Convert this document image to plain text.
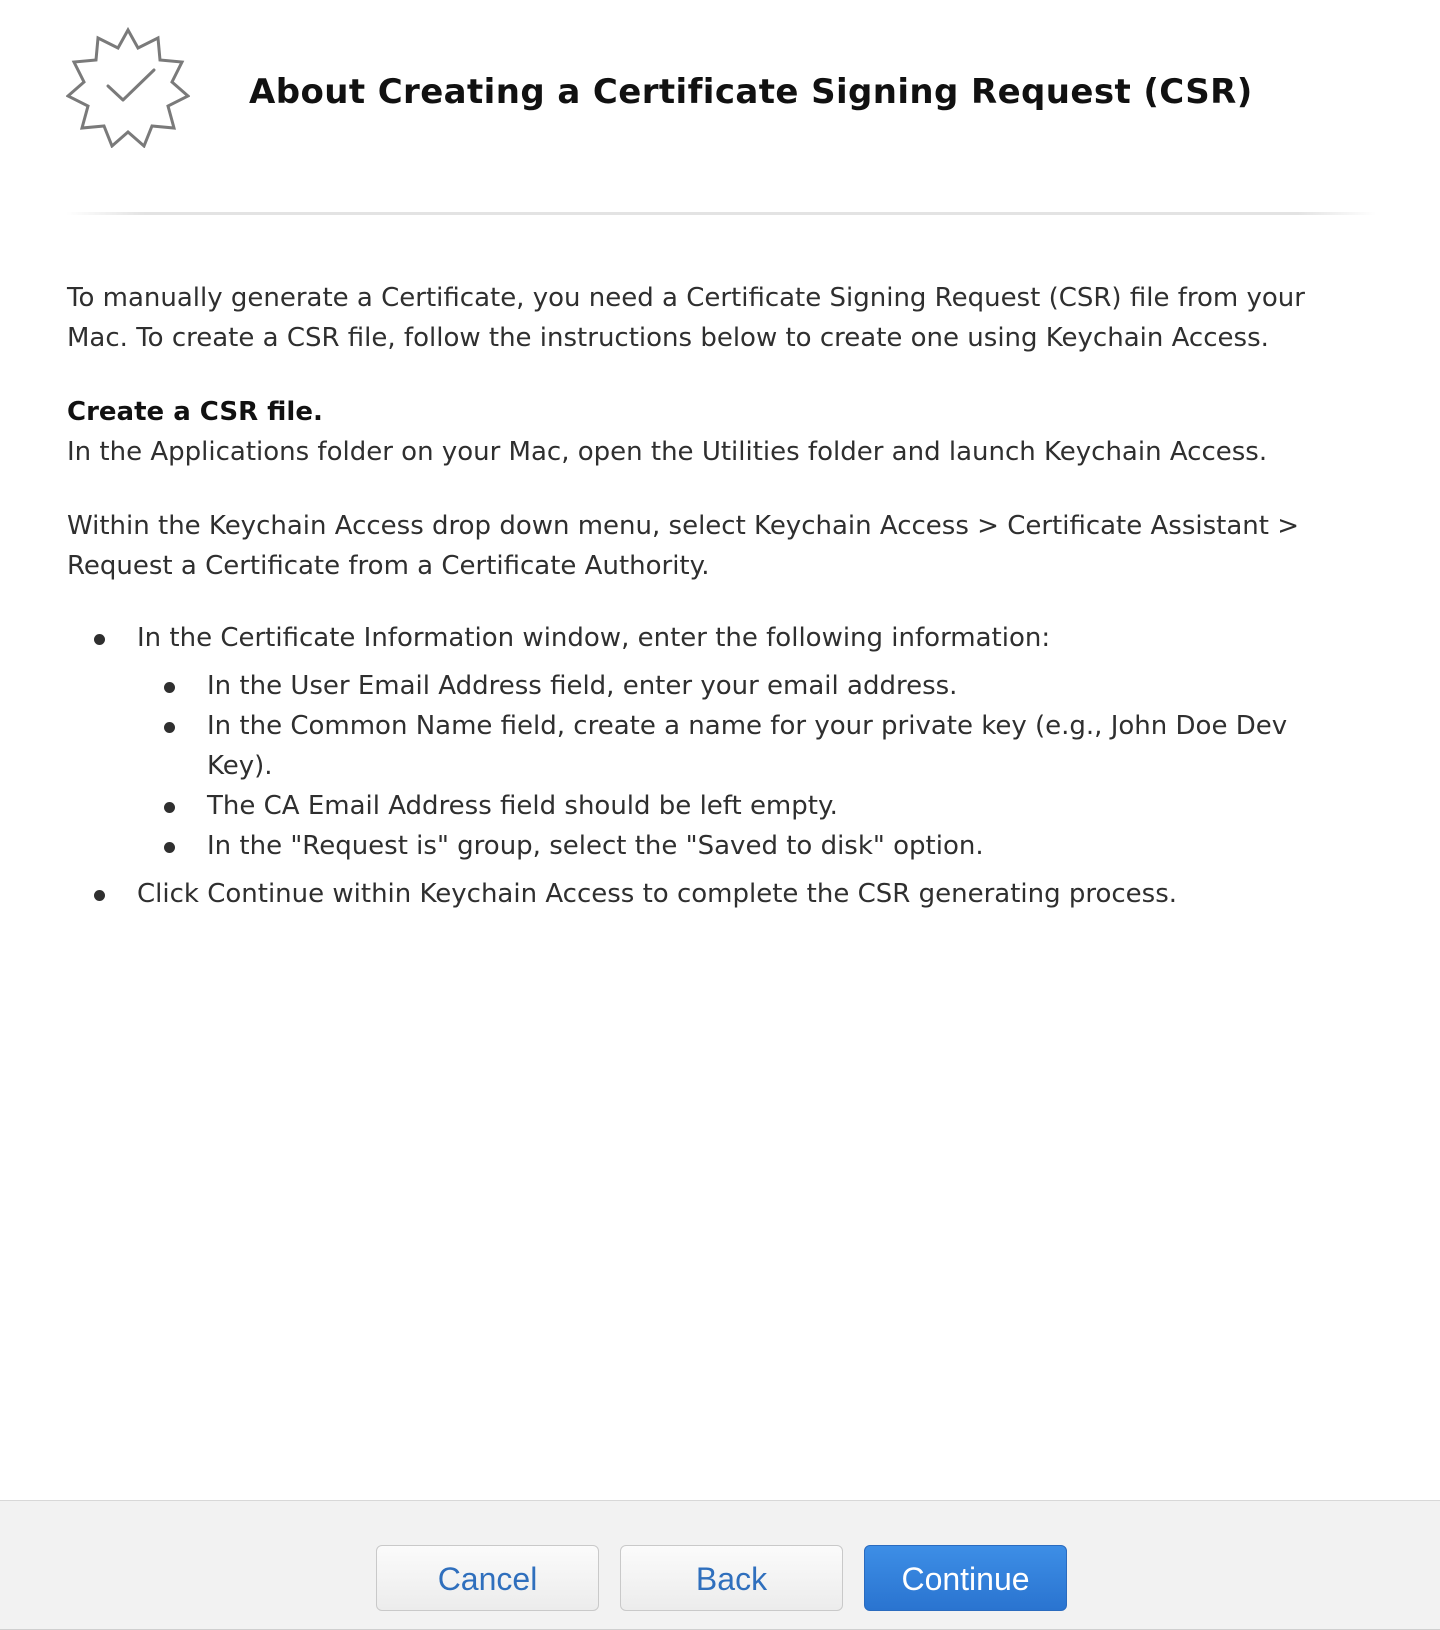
About Creating a Certificate Signing Request (CSR)

To manually generate a Certificate, you need a Certificate Signing Request (CSR) file from your Mac. To create a CSR file, follow the instructions below to create one using Keychain Access.

Create a CSR file.

In the Applications folder on your Mac, open the Utilities folder and launch Keychain Access.

Within the Keychain Access drop down menu, select Keychain Access > Certificate Assistant > Request a Certificate from a Certificate Authority.

In the Certificate Information window, enter the following information:
In the User Email Address field, enter your email address.
In the Common Name field, create a name for your private key (e.g., John Doe Dev Key).
The CA Email Address field should be left empty.
In the "Request is" group, select the "Saved to disk" option.
Click Continue within Keychain Access to complete the CSR generating process.
Cancel	Back	Continue
